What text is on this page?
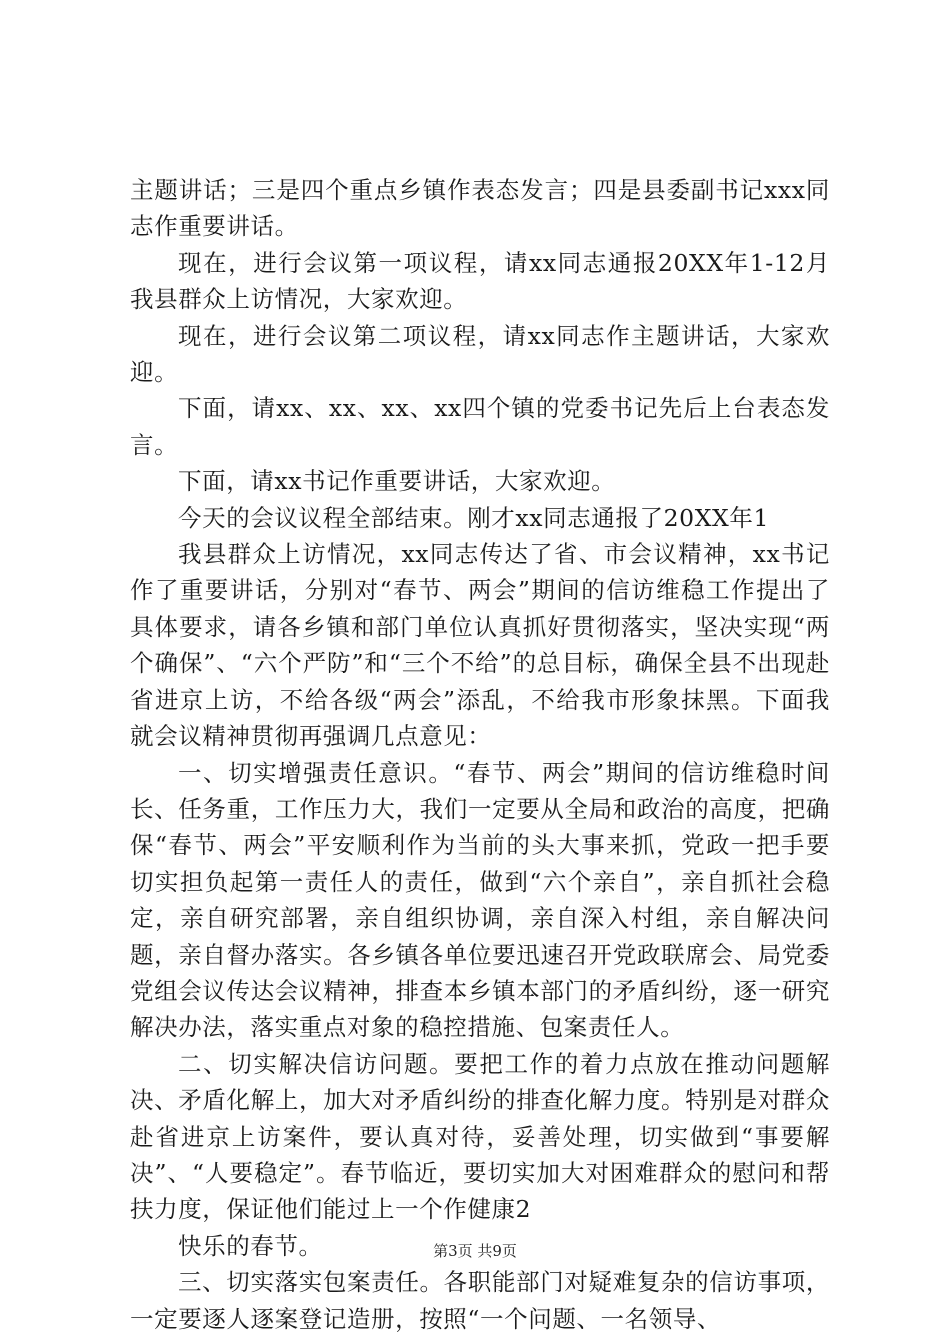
主题讲话；三是四个重点乡镇作表态发言；四是县委副书记xxx同志作重要讲话。

现在，进行会议第一项议程，请xx同志通报20XX年1-12月我县群众上访情况，大家欢迎。

现在，进行会议第二项议程，请xx同志作主题讲话，大家欢迎。

下面，请xx、xx、xx、xx四个镇的党委书记先后上台表态发言。

下面，请xx书记作重要讲话，大家欢迎。

今天的会议议程全部结束。刚才xx同志通报了20XX年1

我县群众上访情况，xx同志传达了省、市会议精神，xx书记作了重要讲话，分别对“春节、两会”期间的信访维稳工作提出了具体要求，请各乡镇和部门单位认真抓好贯彻落实，坚决实现“两个确保”、“六个严防”和“三个不给”的总目标，确保全县不出现赴省进京上访，不给各级“两会”添乱，不给我市形象抹黑。下面我就会议精神贯彻再强调几点意见：

一、切实增强责任意识。“春节、两会”期间的信访维稳时间长、任务重，工作压力大，我们一定要从全局和政治的高度，把确保“春节、两会”平安顺利作为当前的头大事来抓，党政一把手要切实担负起第一责任人的责任，做到“六个亲自”，亲自抓社会稳定，亲自研究部署，亲自组织协调，亲自深入村组，亲自解决问题，亲自督办落实。各乡镇各单位要迅速召开党政联席会、局党委党组会议传达会议精神，排查本乡镇本部门的矛盾纠纷，逐一研究解决办法，落实重点对象的稳控措施、包案责任人。

二、切实解决信访问题。要把工作的着力点放在推动问题解决、矛盾化解上，加大对矛盾纠纷的排查化解力度。特别是对群众赴省进京上访案件，要认真对待，妥善处理，切实做到“事要解决”、“人要稳定”。春节临近，要切实加大对困难群众的慰问和帮扶力度，保证他们能过上一个作健康2

快乐的春节。

三、切实落实包案责任。各职能部门对疑难复杂的信访事项，一定要逐人逐案登记造册，按照“一个问题、一名领导、

第3页 共9页
